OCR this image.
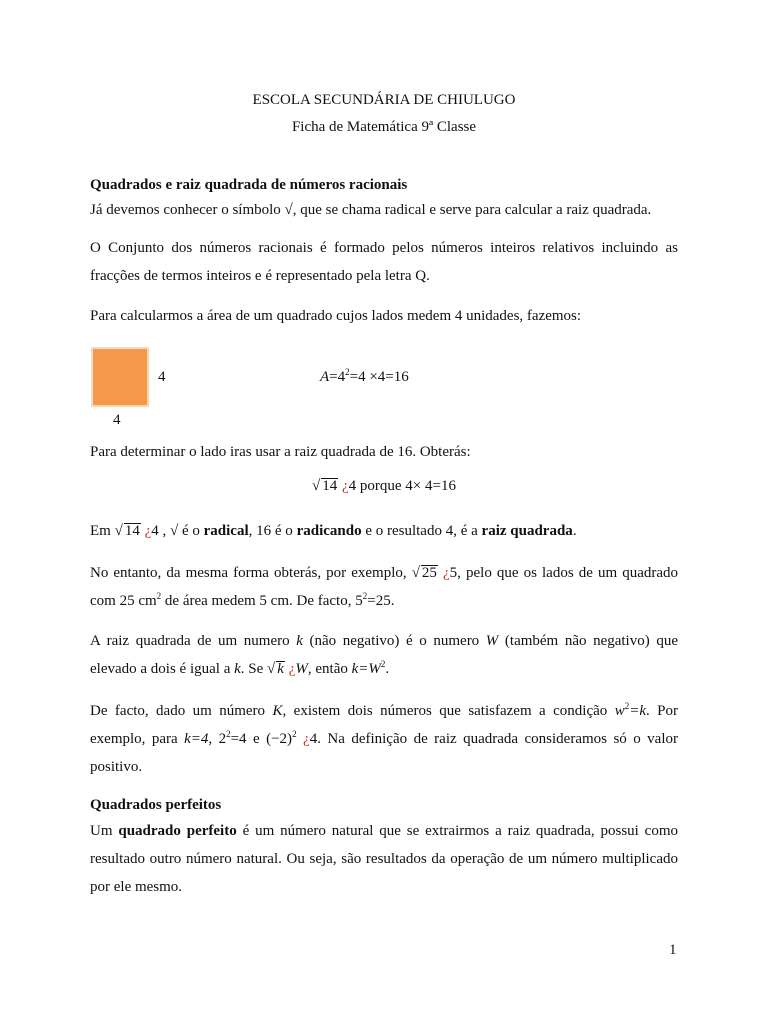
ESCOLA SECUNDÁRIA DE CHIULUGO
Ficha de Matemática 9ª Classe
Quadrados e raiz quadrada de números racionais
Já devemos conhecer o símbolo √, que se chama radical e serve para calcular a raiz quadrada.
O Conjunto dos números racionais é formado pelos números inteiros relativos incluindo as fracções de termos inteiros e é representado pela letra Q.
Para calcularmos a área de um quadrado cujos lados medem 4 unidades, fazemos:
4
4
$A=4^2=4 \times 4=16$
Para determinar o lado iras usar a raiz quadrada de 16. Obterás:
√ 14 ¿4 porque 4× 4=16
Em √ 14 ¿4 , √ é o radical, 16 é o radicando e o resultado 4, é a raiz quadrada.
No entanto, da mesma forma obterás, por exemplo, √ 25 ¿5, pelo que os lados de um quadrado com 25 $cm^2$ de área medem 5 cm. De facto, $5^2=25$.
A raiz quadrada de um numero k (não negativo) é o numero W (também não negativo) que elevado a dois é igual a k. Se √ k ¿W, então $k=W^2$.
De facto, dado um número K, existem dois números que satisfazem a condição $w^2=k$. Por exemplo, para k=4, $2^2=4$ e $(-2)^2$ ¿4. Na definição de raiz quadrada consideramos só o valor positivo.
Quadrados perfeitos
Um quadrado perfeito é um número natural que se extrairmos a raiz quadrada, possui como resultado outro número natural. Ou seja, são resultados da operação de um número multiplicado por ele mesmo.
1
